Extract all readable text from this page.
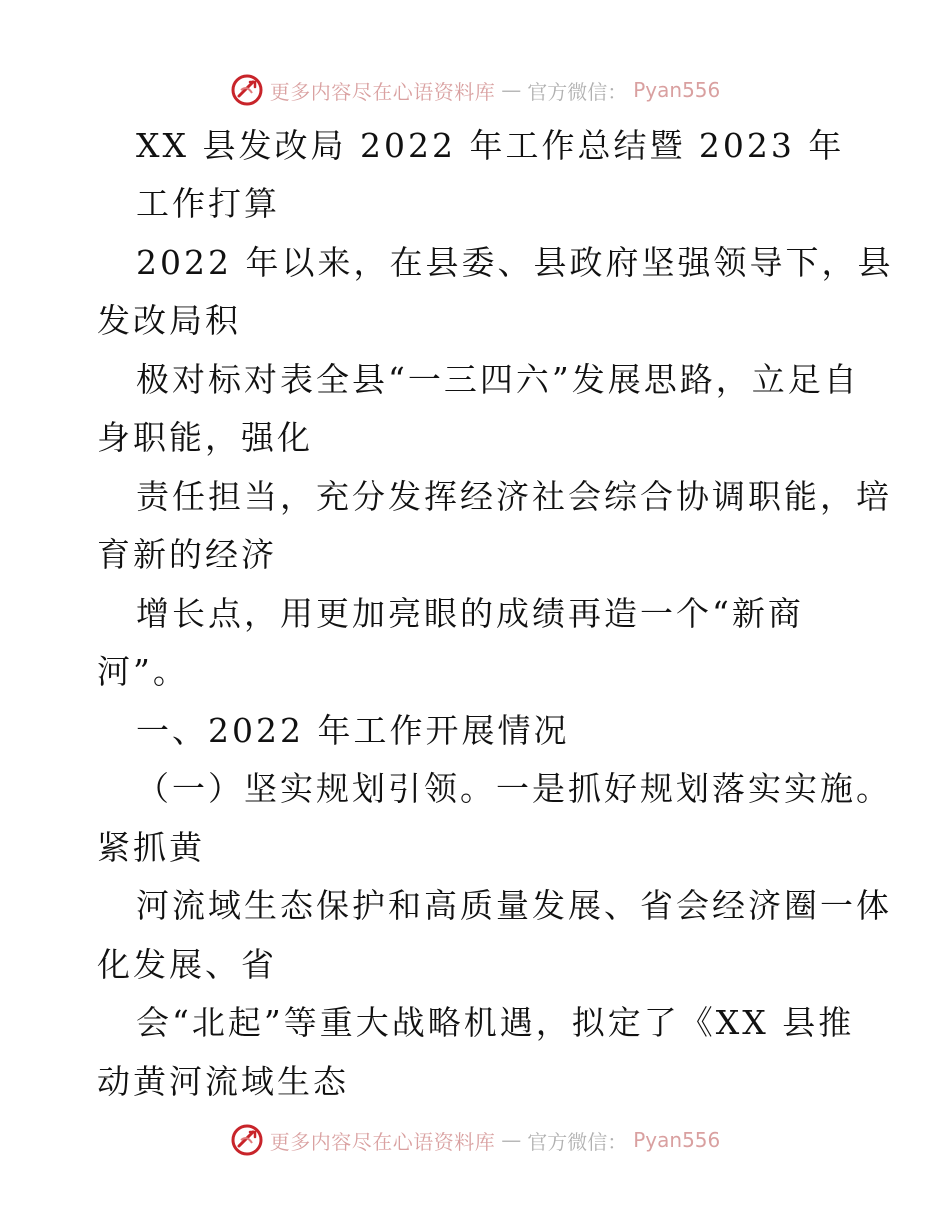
更多内容尽在心语资料库 — 官方微信： Pyan556
XX 县发改局 2022 年工作总结暨 2023 年
工作打算
2022 年以来，在县委、县政府坚强领导下，县
发改局积
极对标对表全县“一三四六”发展思路，立足自
身职能，强化
责任担当，充分发挥经济社会综合协调职能，培
育新的经济
增长点，用更加亮眼的成绩再造一个“新商
河”。
一、2022 年工作开展情况
（一）坚实规划引领。一是抓好规划落实实施。
紧抓黄
河流域生态保护和高质量发展、省会经济圈一体
化发展、省
会“北起”等重大战略机遇，拟定了《XX 县推
动黄河流域生态
更多内容尽在心语资料库 — 官方微信： Pyan556
